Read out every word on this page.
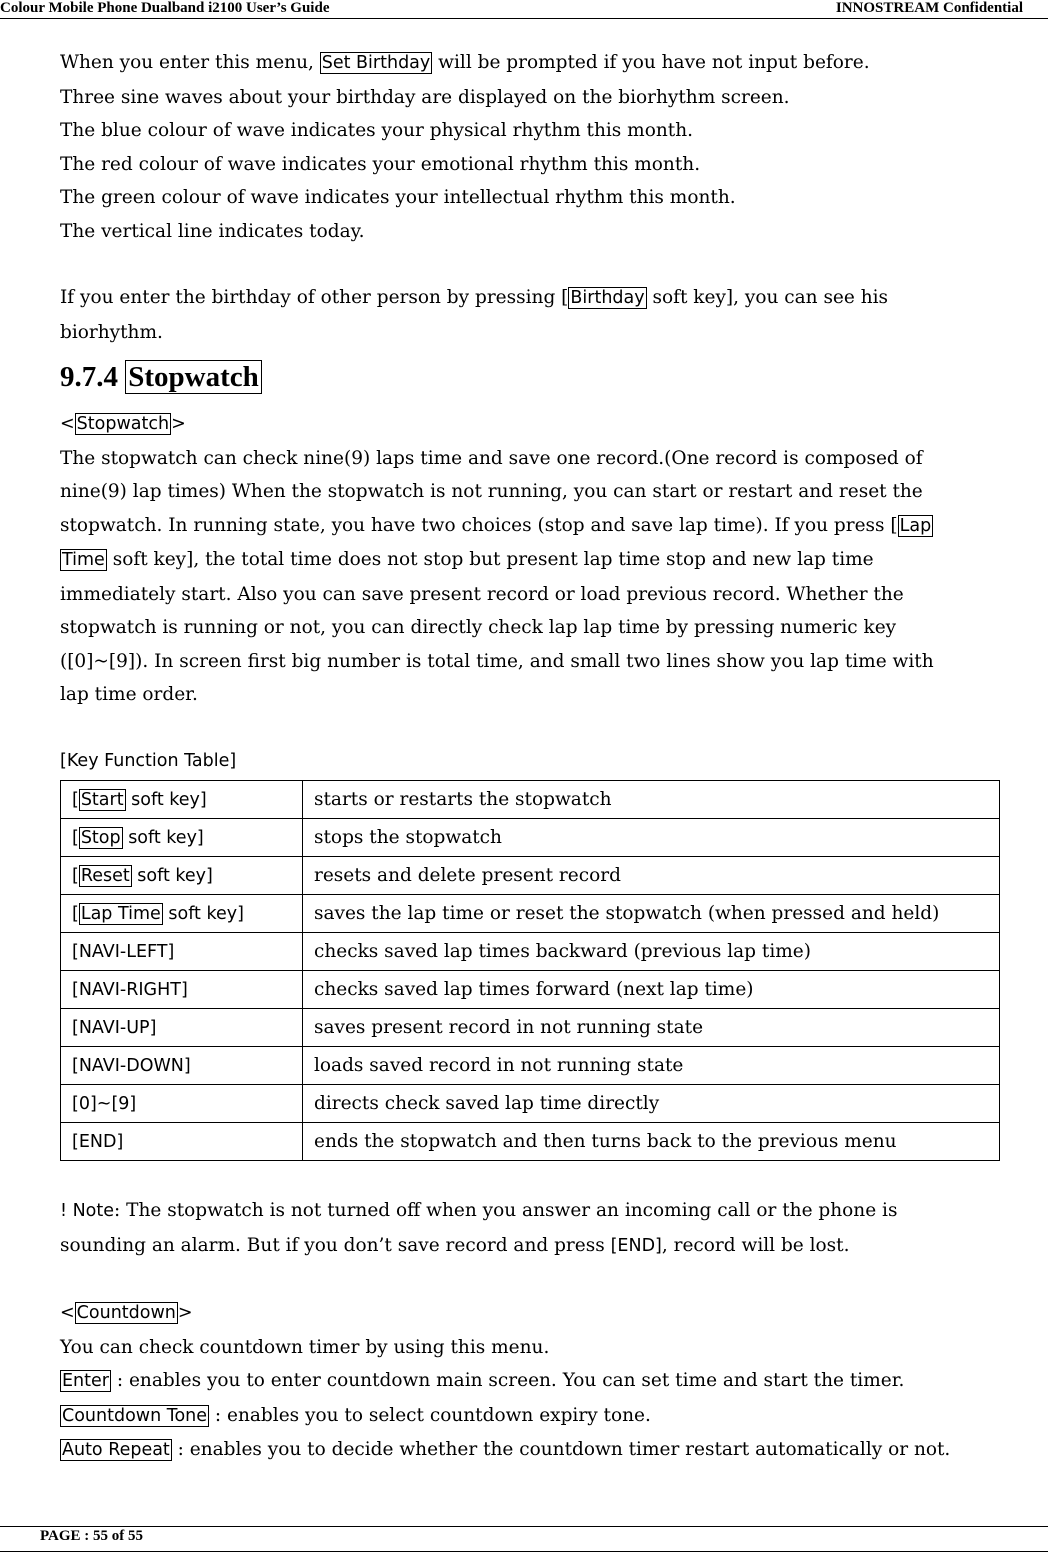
Colour Mobile Phone Dualband i2100 User’s Guide	INNOSTREAM Confidential

When you enter this menu, Set Birthday will be prompted if you have not input before.

Three sine waves about your birthday are displayed on the biorhythm screen.

The blue colour of wave indicates your physical rhythm this month.

The red colour of wave indicates your emotional rhythm this month.

The green colour of wave indicates your intellectual rhythm this month.

The vertical line indicates today.

If you enter the birthday of other person by pressing [ Birthday soft key], you can see his

biorhythm.

9.7.4 Stopwatch

< Stopwatch >

The stopwatch can check nine(9) laps time and save one record.(One record is composed of

nine(9) lap times) When the stopwatch is not running, you can start or restart and reset the

stopwatch. In running state, you have two choices (stop and save lap time). If you press [ Lap

Time soft key], the total time does not stop but present lap time stop and new lap time

immediately start. Also you can save present record or load previous record. Whether the

stopwatch is running or not, you can directly check lap lap time by pressing numeric key

([0]~[9]). In screen first big number is total time, and small two lines show you lap time with

lap time order.

[Key Function Table]

[ Start soft key]	starts or restarts the stopwatch
[ Stop soft key]	stops the stopwatch
[ Reset soft key]	resets and delete present record
[ Lap Time soft key]	saves the lap time or reset the stopwatch (when pressed and held)
[NAVI-LEFT]	checks saved lap times backward (previous lap time)
[NAVI-RIGHT]	checks saved lap times forward (next lap time)
[NAVI-UP]	saves present record in not running state
[NAVI-DOWN]	loads saved record in not running state
[0]~[9]	directs check saved lap time directly
[END]	ends the stopwatch and then turns back to the previous menu

! Note: The stopwatch is not turned off when you answer an incoming call or the phone is

sounding an alarm. But if you don’t save record and press [END], record will be lost.

< Countdown >

You can check countdown timer by using this menu.

Enter : enables you to enter countdown main screen. You can set time and start the timer.

Countdown Tone : enables you to select countdown expiry tone.

Auto Repeat : enables you to decide whether the countdown timer restart automatically or not.

PAGE : 55 of 55
